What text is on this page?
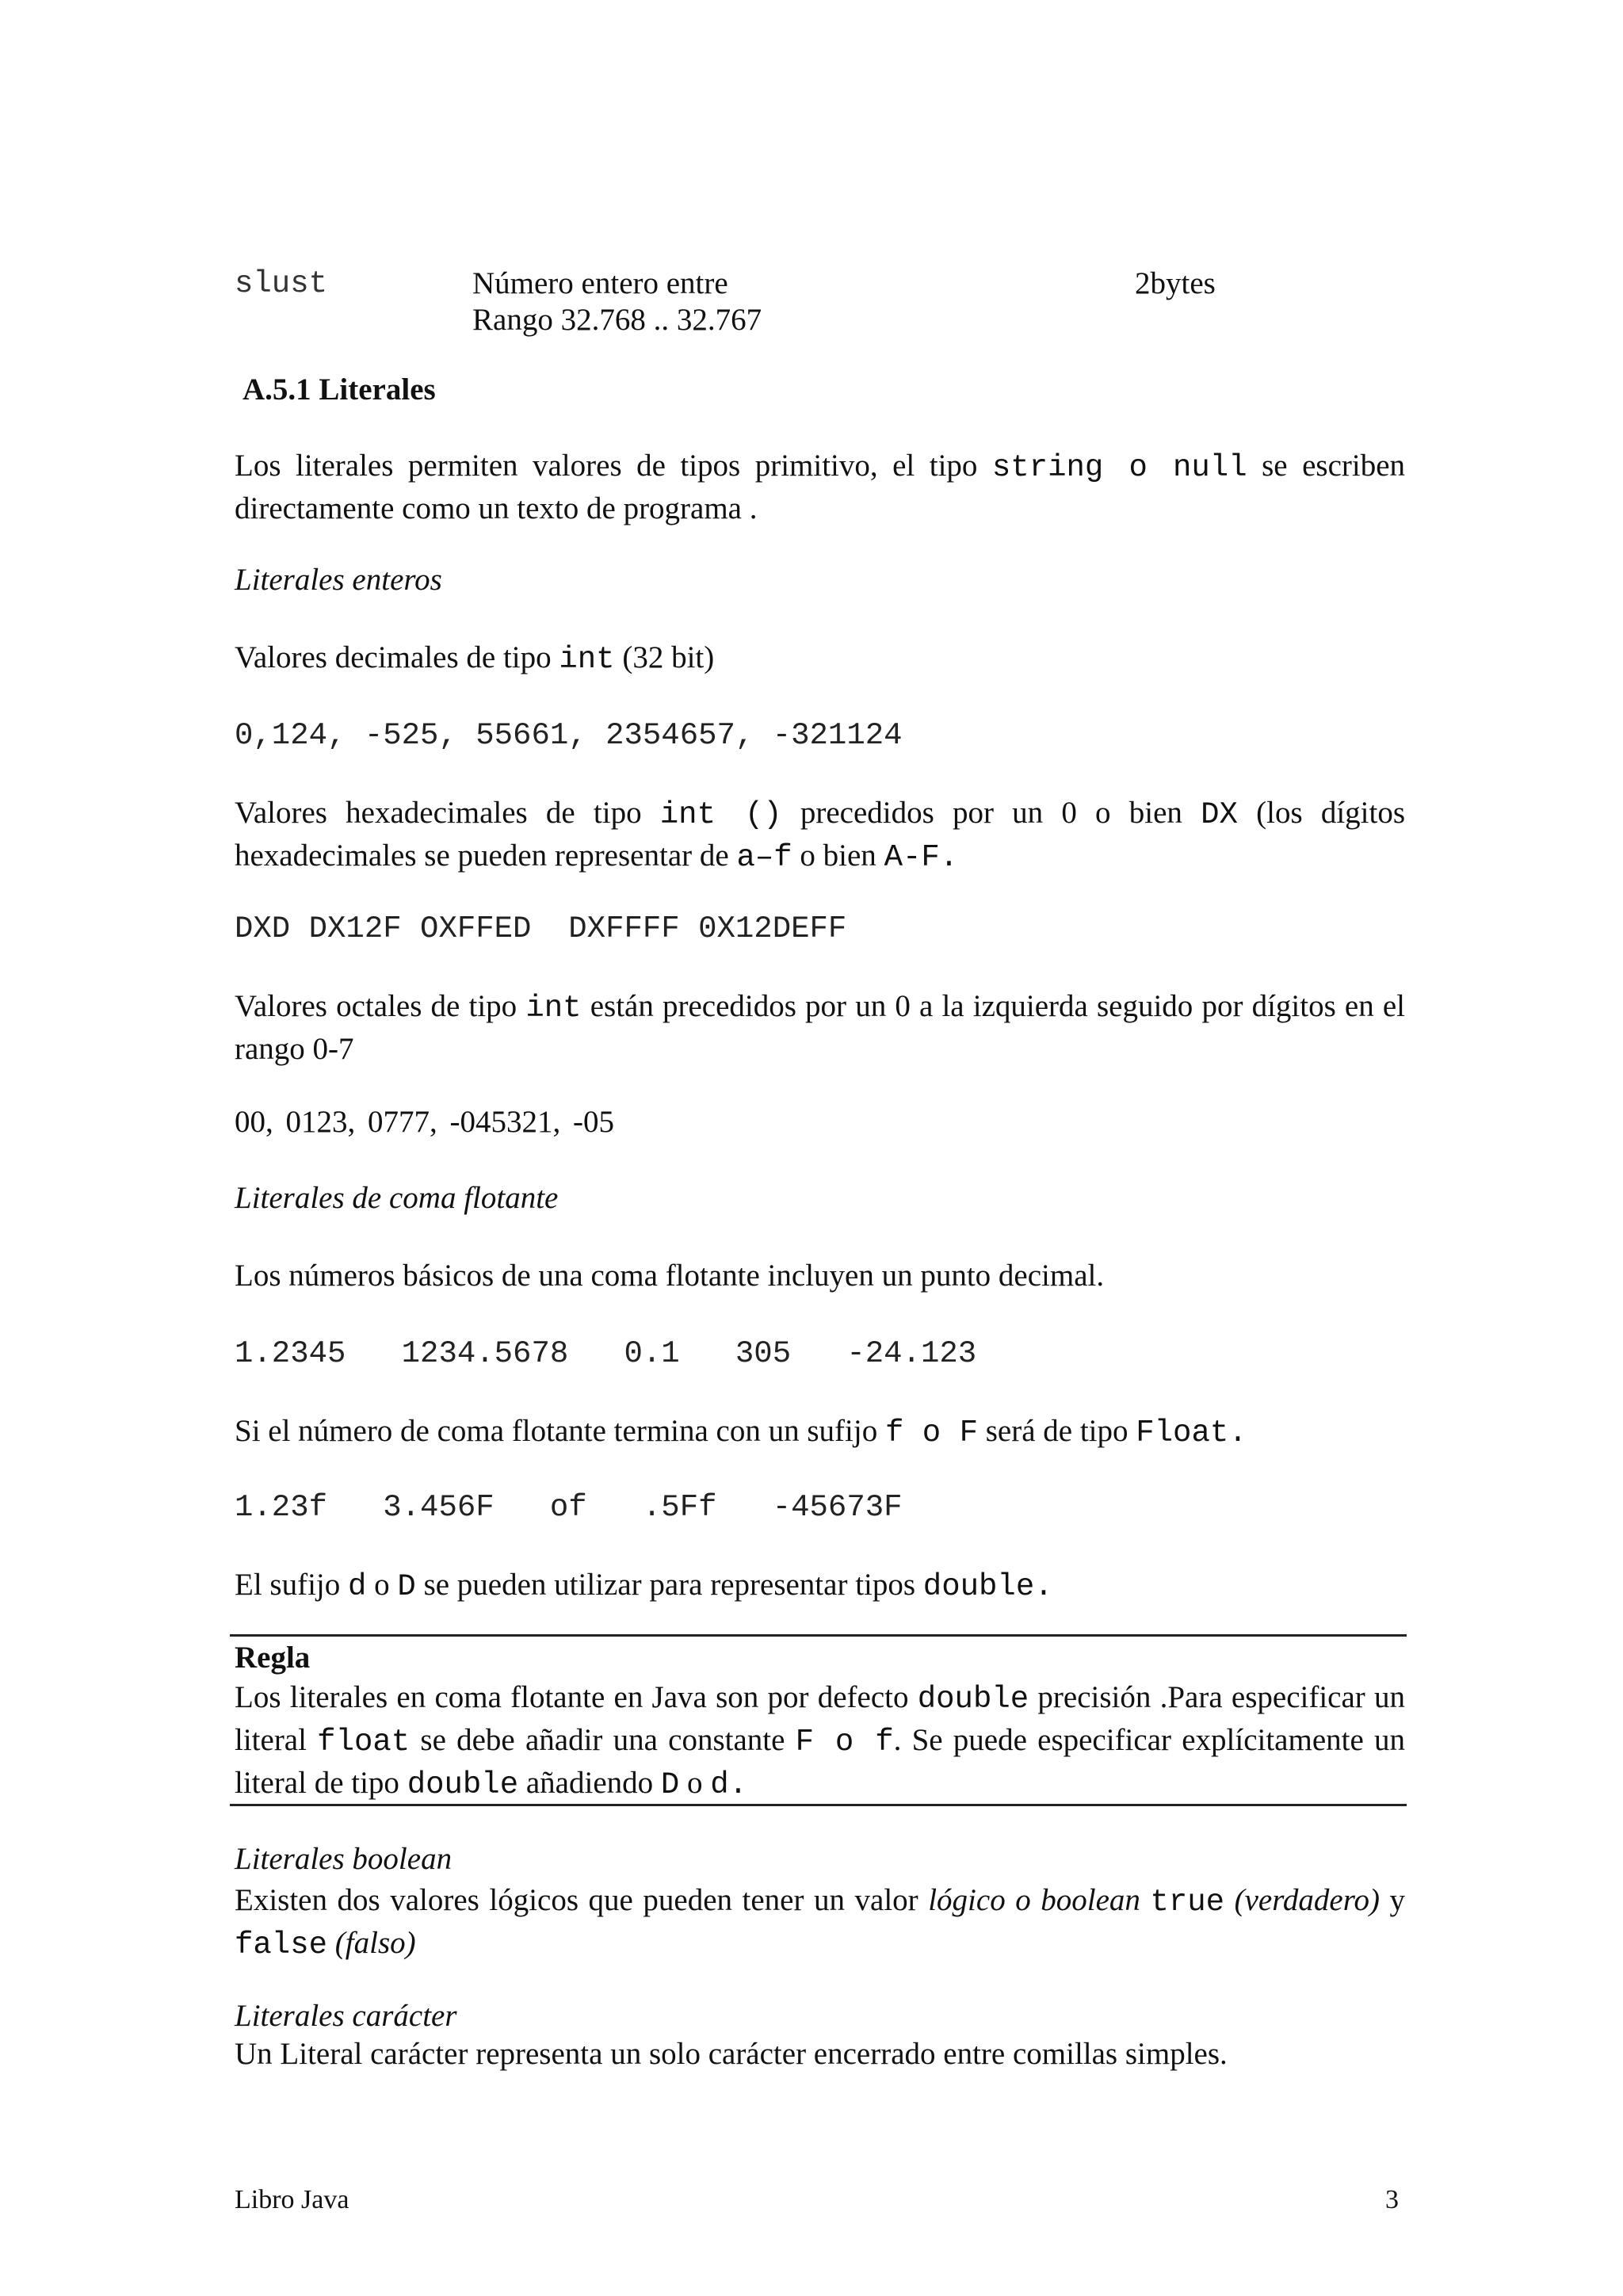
slust	Número entero entre
Rango 32.768 .. 32.767
2bytes
A.5.1 Literales
Los literales permiten valores de tipos primitivo, el tipo string o null se escriben directamente como un texto de programa .
Literales enteros
Valores decimales de tipo int (32 bit)
0,124, -525, 55661, 2354657, -321124
Valores hexadecimales de tipo int () precedidos por un 0 o bien DX (los dígitos hexadecimales se pueden representar de a–f o bien A-F.
DXD DX12F OXFFED  DXFFFF 0X12DEFF
Valores octales de tipo int están precedidos por un 0 a la izquierda seguido por dígitos en el rango 0-7
00, 0123, 0777, -045321, -05
Literales de coma flotante
Los números básicos de una coma flotante incluyen un punto decimal.
1.2345   1234.5678   0.1   305   -24.123
Si el número de coma flotante termina con un sufijo f o F será de tipo Float.
1.23f   3.456F   of   .5Ff   -45673F
El sufijo d o D se pueden utilizar para representar tipos double.
Regla
Los literales en coma flotante en Java son por defecto double precisión .Para especificar un literal float se debe añadir una constante F o f. Se puede especificar explícitamente un literal de tipo double añadiendo D o d.
Literales boolean
Existen dos valores lógicos que pueden tener un valor lógico o boolean true (verdadero) y false (falso)
Literales carácter
Un Literal carácter representa un solo carácter encerrado entre comillas simples.
Libro Java	3
